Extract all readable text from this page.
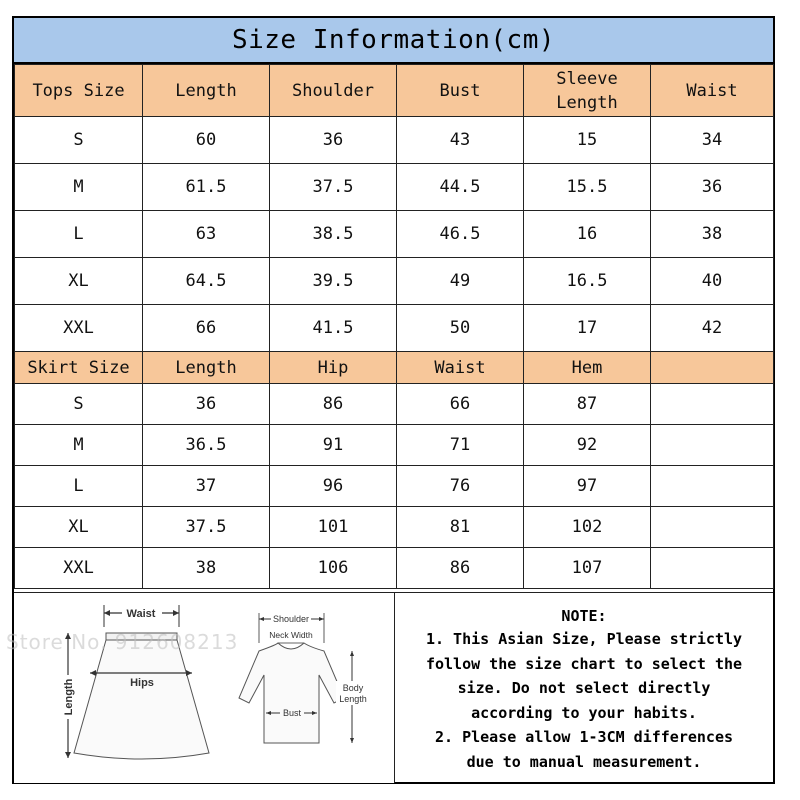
Size Information(cm)
Tops Size	Length	Shoulder	Bust	Sleeve Length	Waist
S	60	36	43	15	34
M	61.5	37.5	44.5	15.5	36
L	63	38.5	46.5	16	38
XL	64.5	39.5	49	16.5	40
XXL	66	41.5	50	17	42
Skirt Size	Length	Hip	Waist	Hem	
S	36	86	66	87	
M	36.5	91	71	92	
L	37	96	76	97	
XL	37.5	101	81	102	
XXL	38	106	86	107	
Waist
Hips
Length
Shoulder
Neck Width
Bust
Body
Length
NOTE:
1. This Asian Size, Please strictly
follow the size chart to select the
size. Do not select directly
according to your habits.
2. Please allow 1-3CM differences
due to manual measurement.
Store No. 912608213
